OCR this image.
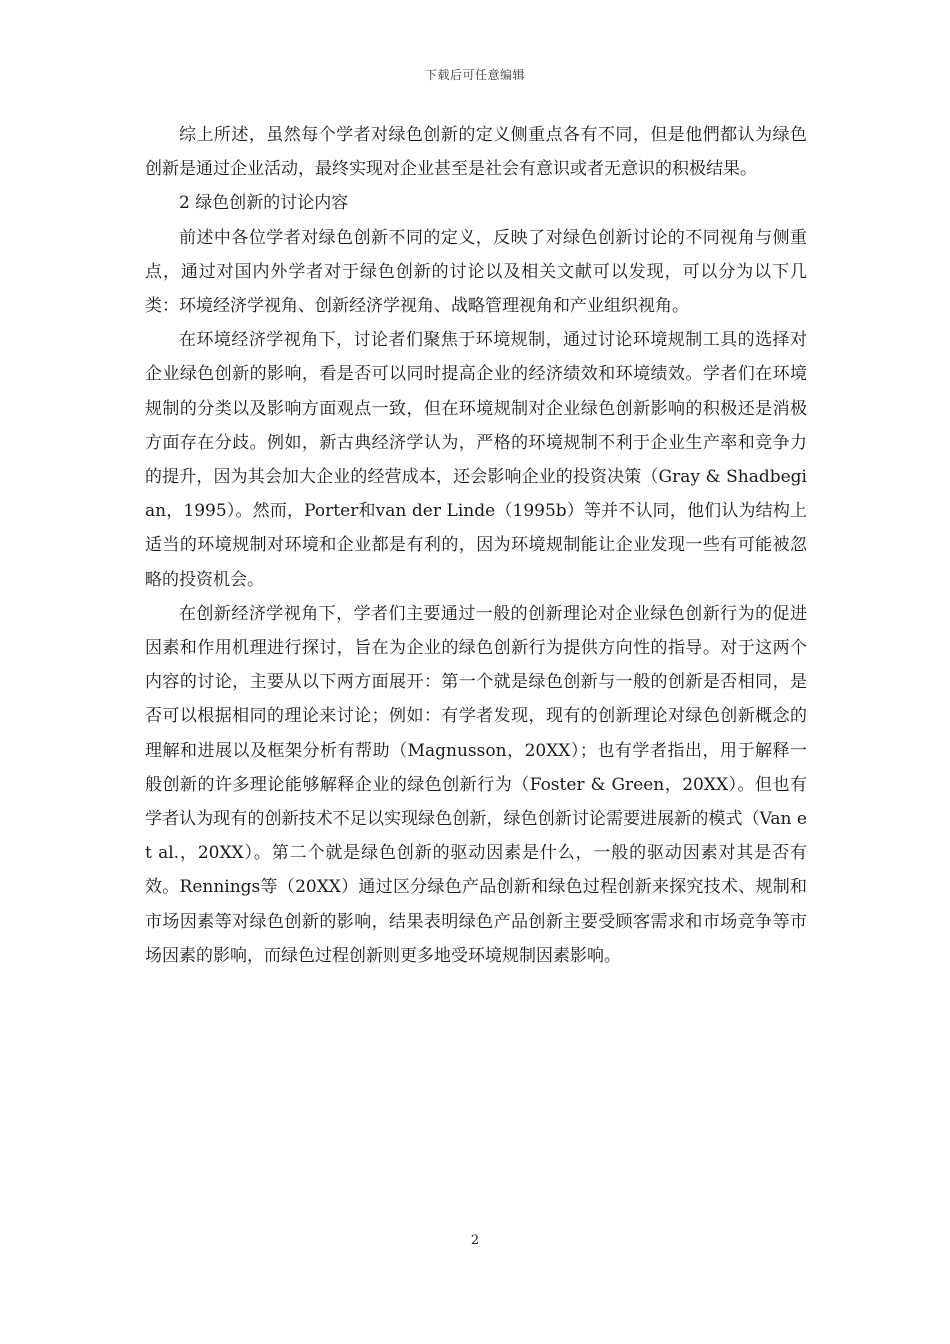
下载后可任意编辑

综上所述，虽然每个学者对绿色创新的定义侧重点各有不同，但是他們都认为绿色创新是通过企业活动，最终实现对企业甚至是社会有意识或者无意识的积极结果。

2 绿色创新的讨论内容

前述中各位学者对绿色创新不同的定义，反映了对绿色创新讨论的不同视角与侧重点，通过对国内外学者对于绿色创新的讨论以及相关文献可以发现，可以分为以下几类：环境经济学视角、创新经济学视角、战略管理视角和产业组织视角。

在环境经济学视角下，讨论者们聚焦于环境规制，通过讨论环境规制工具的选择对企业绿色创新的影响，看是否可以同时提高企业的经济绩效和环境绩效。学者们在环境规制的分类以及影响方面观点一致，但在环境规制对企业绿色创新影响的积极还是消极方面存在分歧。例如，新古典经济学认为，严格的环境规制不利于企业生产率和竞争力的提升，因为其会加大企业的经营成本，还会影响企业的投资决策（Gray & Shadbegian，1995）。然而，Porter和van der Linde（1995b）等并不认同，他们认为结构上适当的环境规制对环境和企业都是有利的，因为环境规制能让企业发现一些有可能被忽略的投资机会。

在创新经济学视角下，学者们主要通过一般的创新理论对企业绿色创新行为的促进因素和作用机理进行探讨，旨在为企业的绿色创新行为提供方向性的指导。对于这两个内容的讨论，主要从以下两方面展开：第一个就是绿色创新与一般的创新是否相同，是否可以根据相同的理论来讨论；例如：有学者发现，现有的创新理论对绿色创新概念的理解和进展以及框架分析有帮助（Magnusson，20XX）；也有学者指出，用于解释一般创新的许多理论能够解释企业的绿色创新行为（Foster & Green，20XX）。但也有学者认为现有的创新技术不足以实现绿色创新，绿色创新讨论需要进展新的模式（Van et al.，20XX）。第二个就是绿色创新的驱动因素是什么，一般的驱动因素对其是否有效。Rennings等（20XX）通过区分绿色产品创新和绿色过程创新来探究技术、规制和市场因素等对绿色创新的影响，结果表明绿色产品创新主要受顾客需求和市场竞争等市场因素的影响，而绿色过程创新则更多地受环境规制因素影响。

2
